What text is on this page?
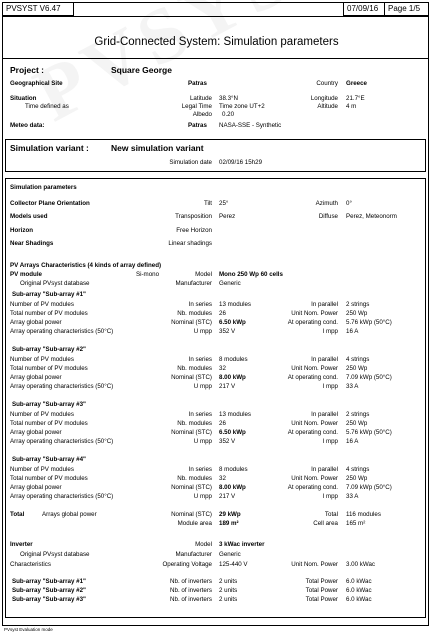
PVSYST V6.47	07/09/16	Page 1/5
Grid-Connected System: Simulation parameters
Project :	Square George
Geographical Site	Patras	Country Greece
Situation	Latitude 38.3°N	Longitude 21.7°E
Time defined as	Legal Time Time zone UT+2	Altitude 4 m
Albedo 0.20
Meteo data:	Patras NASA-SSE - Synthetic
Simulation variant :	New simulation variant
Simulation date 02/09/16 15h29
Simulation parameters
Collector Plane Orientation	Tilt 25°	Azimuth 0°
Models used	Transposition Perez	Diffuse Perez, Meteonorm
Horizon	Free Horizon
Near Shadings	Linear shadings
PV Arrays Characteristics (4 kinds of array defined)
PV module	Si-mono	Model Mono 250 Wp 60 cells
Original PVsyst database	Manufacturer Generic
Sub-array "Sub-array #1"
Number of PV modules	In series 13 modules	In parallel 2 strings
Total number of PV modules	Nb. modules 26	Unit Nom. Power 250 Wp
Array global power	Nominal (STC) 6.50 kWp	At operating cond. 5.76 kWp (50°C)
Array operating characteristics (50°C)	U mpp 352 V	I mpp 16 A
Sub-array "Sub-array #2"
Number of PV modules	In series 8 modules	In parallel 4 strings
Total number of PV modules	Nb. modules 32	Unit Nom. Power 250 Wp
Array global power	Nominal (STC) 8.00 kWp	At operating cond. 7.09 kWp (50°C)
Array operating characteristics (50°C)	U mpp 217 V	I mpp 33 A
Sub-array "Sub-array #3"
Number of PV modules	In series 13 modules	In parallel 2 strings
Total number of PV modules	Nb. modules 26	Unit Nom. Power 250 Wp
Array global power	Nominal (STC) 6.50 kWp	At operating cond. 5.76 kWp (50°C)
Array operating characteristics (50°C)	U mpp 352 V	I mpp 16 A
Sub-array "Sub-array #4"
Number of PV modules	In series 8 modules	In parallel 4 strings
Total number of PV modules	Nb. modules 32	Unit Nom. Power 250 Wp
Array global power	Nominal (STC) 8.00 kWp	At operating cond. 7.09 kWp (50°C)
Array operating characteristics (50°C)	U mpp 217 V	I mpp 33 A
Total	Arrays global power	Nominal (STC) 29 kWp	Total 116 modules
Module area 189 m²	Cell area 165 m²
Inverter	Model 3 kWac inverter
Original PVsyst database	Manufacturer Generic
Characteristics	Operating Voltage 125-440 V	Unit Nom. Power 3.00 kWac
Sub-array "Sub-array #1"	Nb. of inverters 2 units	Total Power 6.0 kWac
Sub-array "Sub-array #2"	Nb. of inverters 2 units	Total Power 6.0 kWac
Sub-array "Sub-array #3"	Nb. of inverters 2 units	Total Power 6.0 kWac
PVsyst Evaluation mode
